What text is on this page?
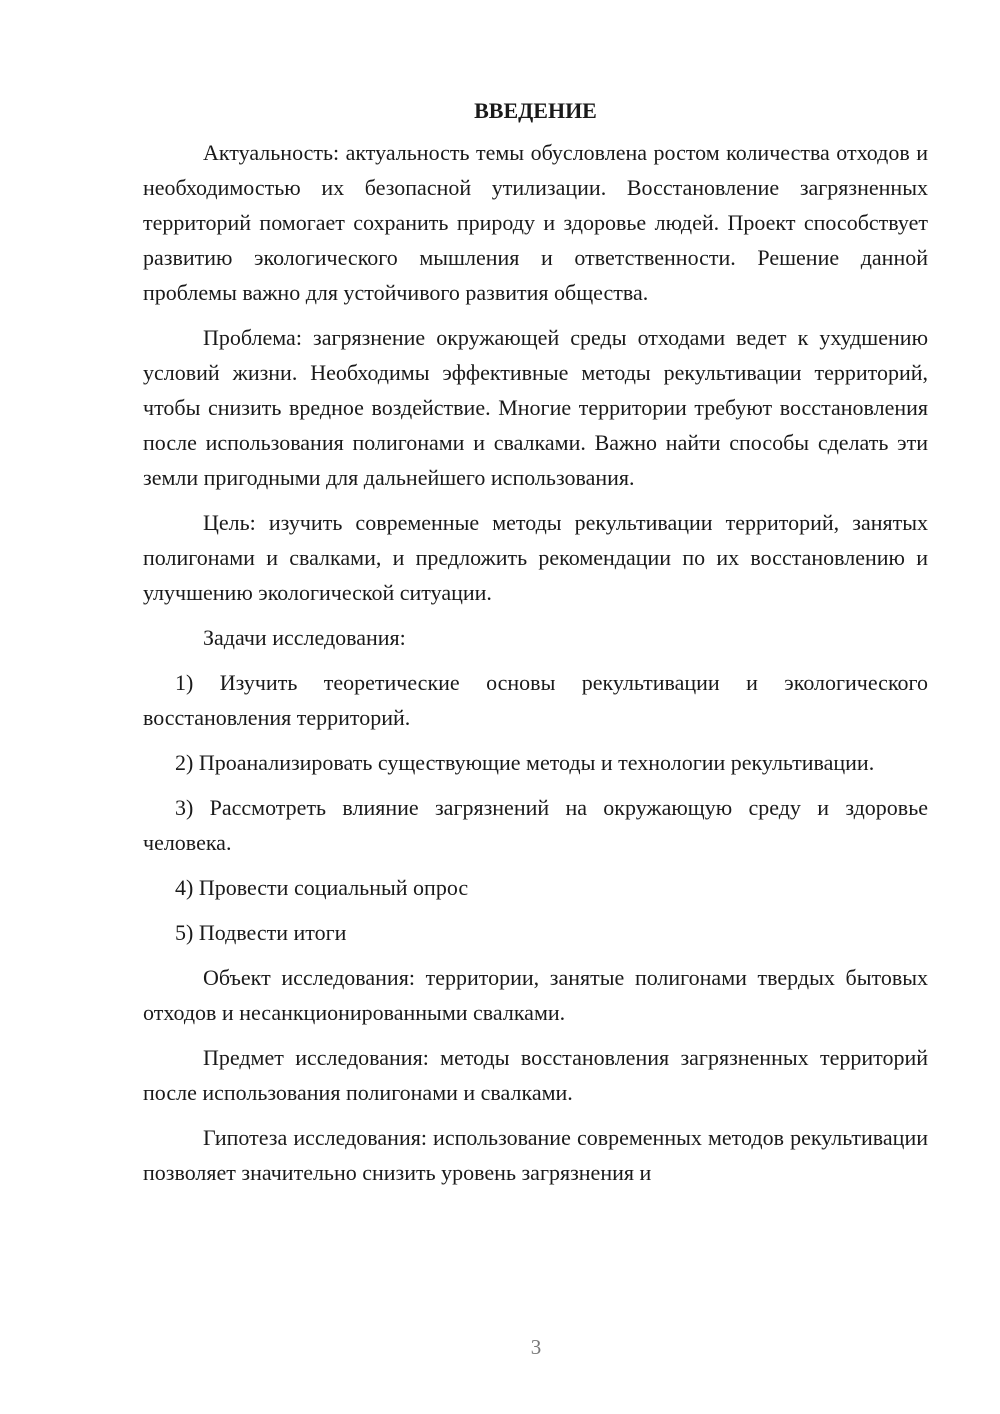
ВВЕДЕНИЕ
Актуальность: актуальность темы обусловлена ростом количества отходов и необходимостью их безопасной утилизации. Восстановление загрязненных территорий помогает сохранить природу и здоровье людей. Проект способствует развитию экологического мышления и ответственности. Решение данной проблемы важно для устойчивого развития общества.
Проблема: загрязнение окружающей среды отходами ведет к ухудшению условий жизни. Необходимы эффективные методы рекультивации территорий, чтобы снизить вредное воздействие. Многие территории требуют восстановления после использования полигонами и свалками. Важно найти способы сделать эти земли пригодными для дальнейшего использования.
Цель: изучить современные методы рекультивации территорий, занятых полигонами и свалками, и предложить рекомендации по их восстановлению и улучшению экологической ситуации.
Задачи исследования:
1) Изучить теоретические основы рекультивации и экологического восстановления территорий.
2) Проанализировать существующие методы и технологии рекультивации.
3) Рассмотреть влияние загрязнений на окружающую среду и здоровье человека.
4) Провести социальный опрос
5) Подвести итоги
Объект исследования: территории, занятые полигонами твердых бытовых отходов и несанкционированными свалками.
Предмет исследования: методы восстановления загрязненных территорий после использования полигонами и свалками.
Гипотеза исследования: использование современных методов рекультивации позволяет значительно снизить уровень загрязнения и
3
